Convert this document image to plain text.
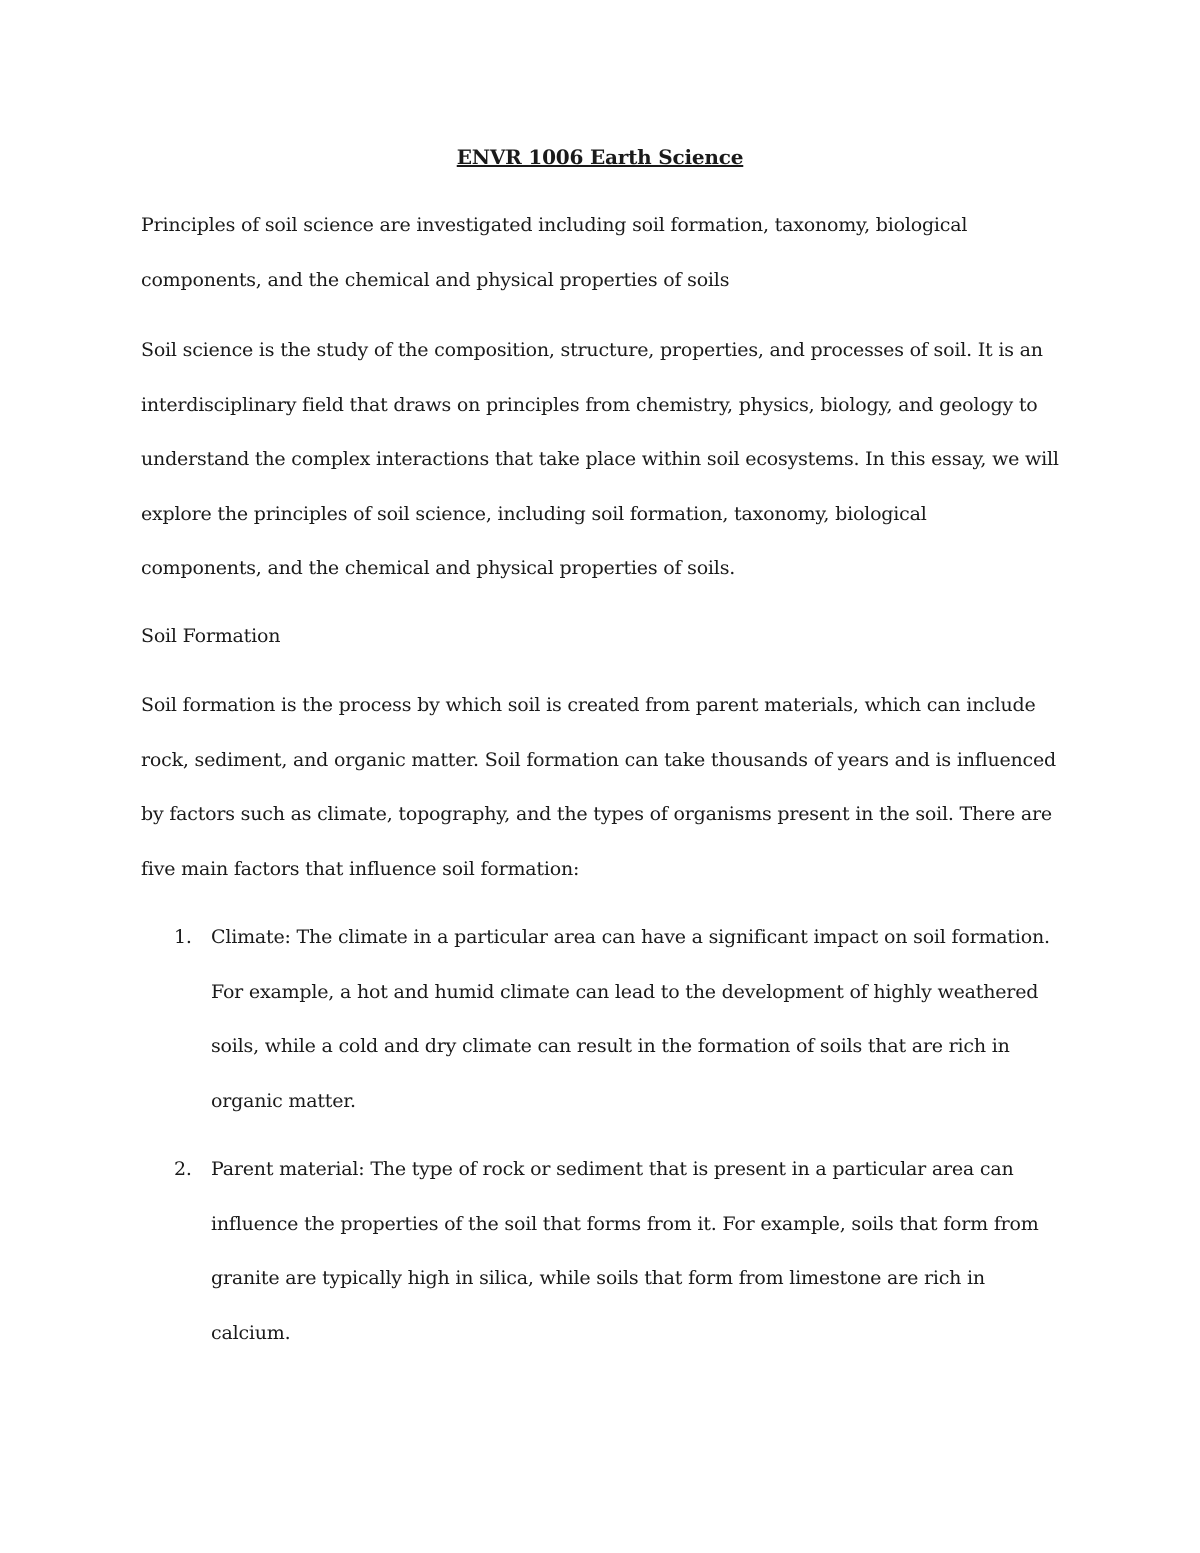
ENVR 1006 Earth Science

Principles of soil science are investigated including soil formation, taxonomy, biological
components, and the chemical and physical properties of soils

Soil science is the study of the composition, structure, properties, and processes of soil. It is an
interdisciplinary field that draws on principles from chemistry, physics, biology, and geology to
understand the complex interactions that take place within soil ecosystems. In this essay, we will
explore the principles of soil science, including soil formation, taxonomy, biological
components, and the chemical and physical properties of soils.

Soil Formation

Soil formation is the process by which soil is created from parent materials, which can include
rock, sediment, and organic matter. Soil formation can take thousands of years and is influenced
by factors such as climate, topography, and the types of organisms present in the soil. There are
five main factors that influence soil formation:

1. Climate: The climate in a particular area can have a significant impact on soil formation.
For example, a hot and humid climate can lead to the development of highly weathered
soils, while a cold and dry climate can result in the formation of soils that are rich in
organic matter.
2. Parent material: The type of rock or sediment that is present in a particular area can
influence the properties of the soil that forms from it. For example, soils that form from
granite are typically high in silica, while soils that form from limestone are rich in
calcium.
